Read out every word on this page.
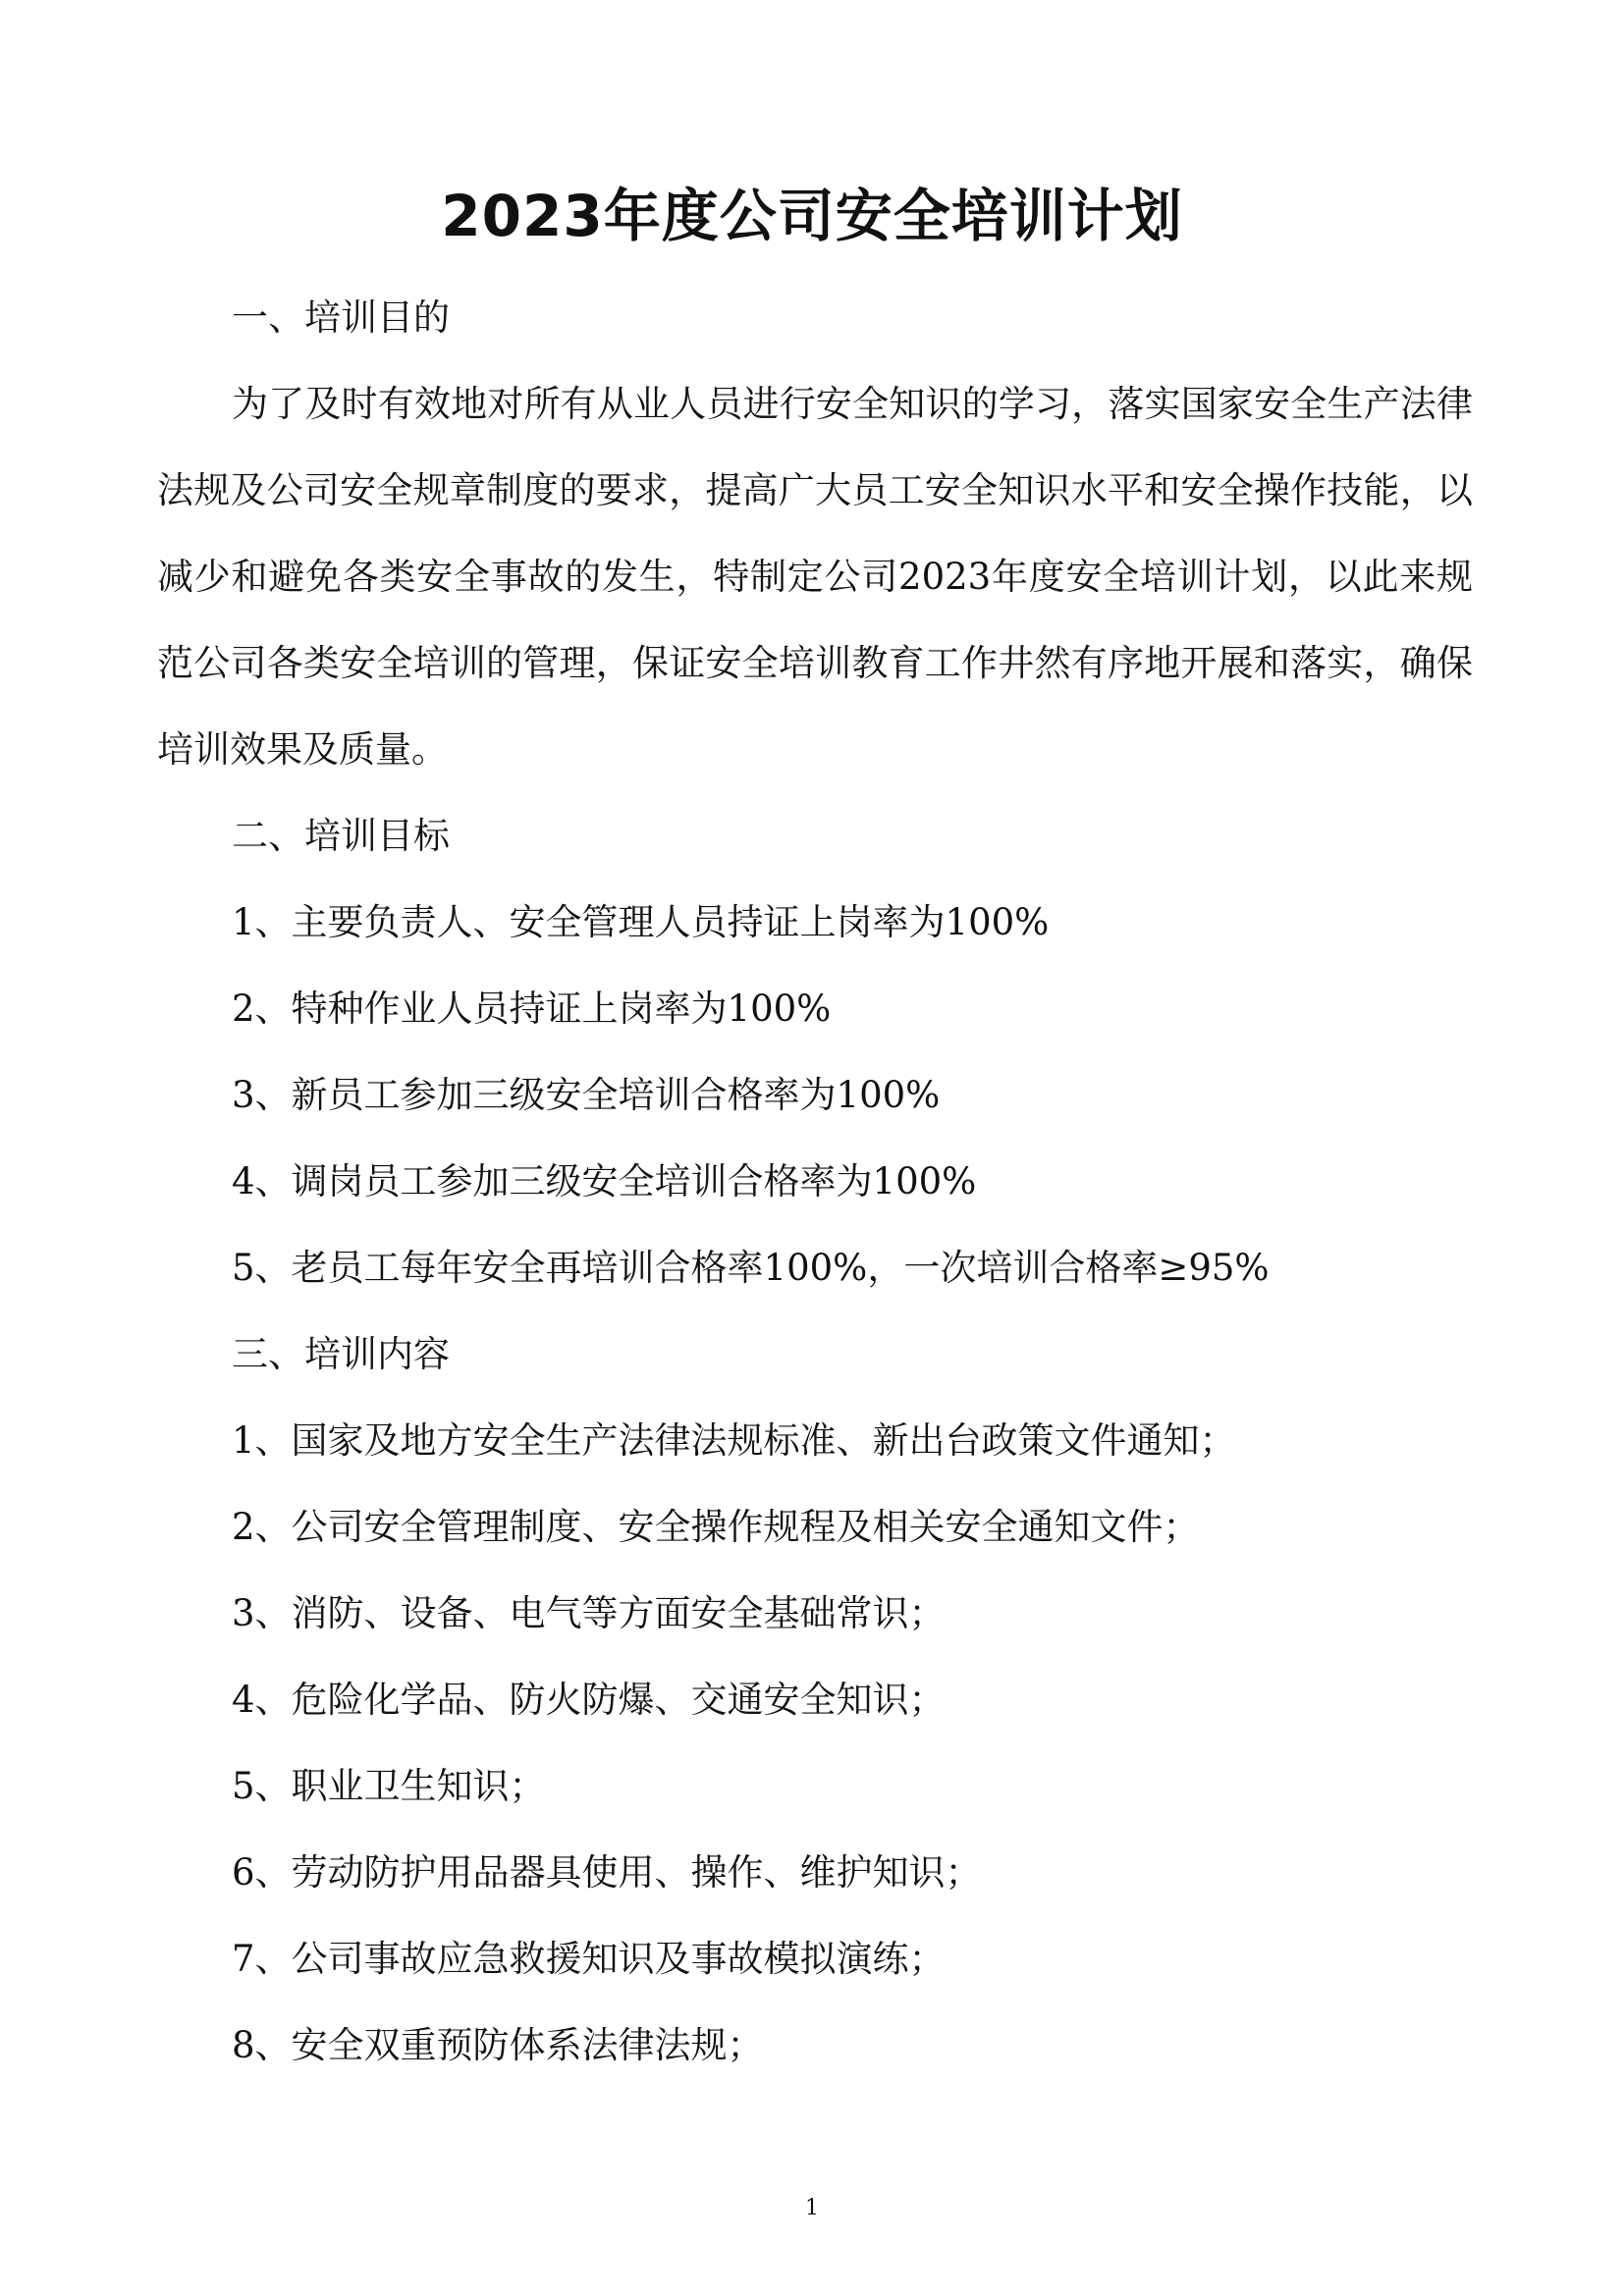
2023年度公司安全培训计划

一、培训目的

为了及时有效地对所有从业人员进行安全知识的学习，落实国家安全生产法律法规及公司安全规章制度的要求，提高广大员工安全知识水平和安全操作技能，以减少和避免各类安全事故的发生，特制定公司2023年度安全培训计划，以此来规范公司各类安全培训的管理，保证安全培训教育工作井然有序地开展和落实，确保培训效果及质量。

二、培训目标

1、主要负责人、安全管理人员持证上岗率为100%

2、特种作业人员持证上岗率为100%

3、新员工参加三级安全培训合格率为100%

4、调岗员工参加三级安全培训合格率为100%

5、老员工每年安全再培训合格率100%，一次培训合格率≥95%

三、培训内容

1、国家及地方安全生产法律法规标准、新出台政策文件通知；

2、公司安全管理制度、安全操作规程及相关安全通知文件；

3、消防、设备、电气等方面安全基础常识；

4、危险化学品、防火防爆、交通安全知识；

5、职业卫生知识；

6、劳动防护用品器具使用、操作、维护知识；

7、公司事故应急救援知识及事故模拟演练；

8、安全双重预防体系法律法规；

1
